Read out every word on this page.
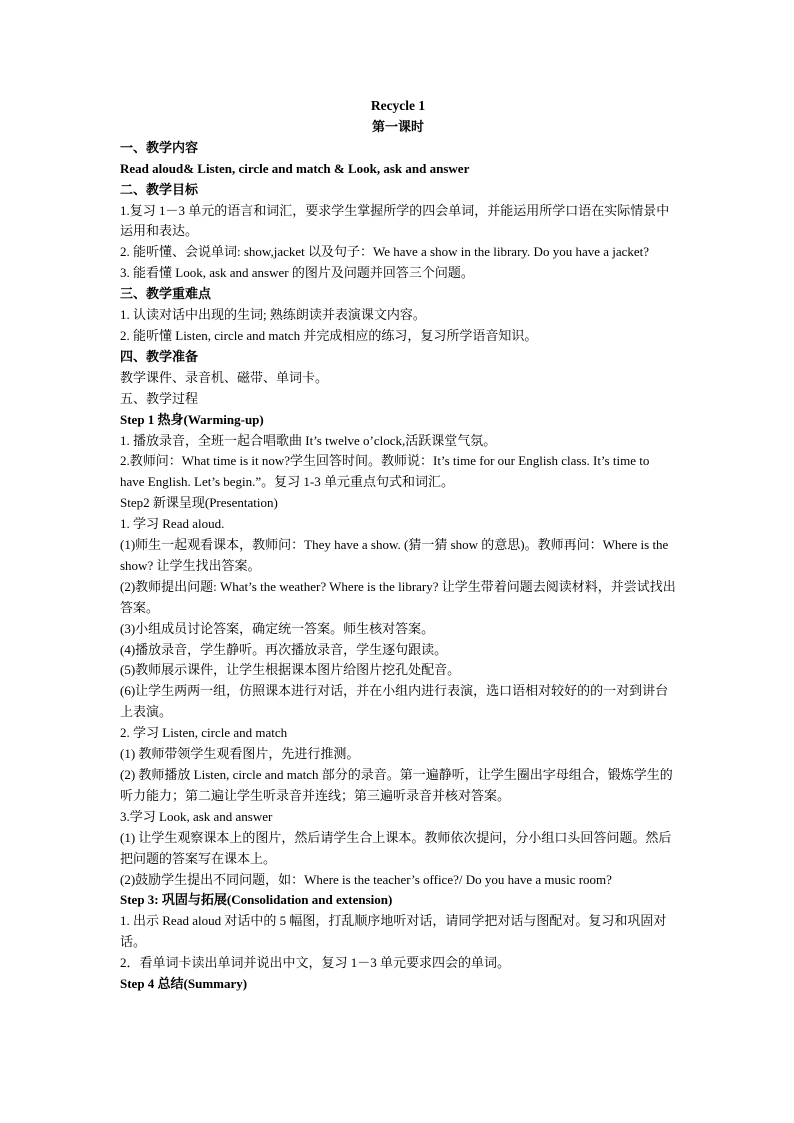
Recycle 1

第一课时

一、教学内容

Read aloud& Listen, circle and match & Look, ask and answer

二、教学目标

1.复习 1－3 单元的语言和词汇，要求学生掌握所学的四会单词，并能运用所学口语在实际情景中运用和表达。

2. 能听懂、会说单词: show,jacket 以及句子：We have a show in the library. Do you have a jacket?

3. 能看懂 Look, ask and answer 的图片及问题并回答三个问题。

三、教学重难点

1. 认读对话中出现的生词; 熟练朗读并表演课文内容。

2. 能听懂 Listen, circle and match 并完成相应的练习，复习所学语音知识。

四、教学准备

教学课件、录音机、磁带、单词卡。

五、教学过程

Step 1 热身(Warming-up)

1. 播放录音，全班一起合唱歌曲 It’s twelve o’clock,活跃课堂气氛。

2.教师问：What time is it now?学生回答时间。教师说：It’s time for our English class. It’s time to have English. Let’s begin.”。复习 1-3 单元重点句式和词汇。

Step2 新课呈现(Presentation)

1. 学习 Read aloud.

(1)师生一起观看课本，教师问：They have a show. (猜一猜 show 的意思)。教师再问：Where is the show? 让学生找出答案。

(2)教师提出问题: What’s the weather? Where is the library? 让学生带着问题去阅读材料，并尝试找出答案。

(3)小组成员讨论答案，确定统一答案。师生核对答案。

(4)播放录音，学生静听。再次播放录音，学生逐句跟读。

(5)教师展示课件，让学生根据课本图片给图片挖孔处配音。

(6)让学生两两一组，仿照课本进行对话，并在小组内进行表演，选口语相对较好的的一对到讲台上表演。

2. 学习 Listen, circle and match

(1) 教师带领学生观看图片，先进行推测。

(2) 教师播放 Listen, circle and match 部分的录音。第一遍静听，让学生圈出字母组合，锻炼学生的听力能力；第二遍让学生听录音并连线；第三遍听录音并核对答案。

3.学习 Look, ask and answer

(1) 让学生观察课本上的图片，然后请学生合上课本。教师依次提问，分小组口头回答问题。然后把问题的答案写在课本上。

(2)鼓励学生提出不同问题，如：Where is the teacher’s office?/ Do you have a music room?

Step 3: 巩固与拓展(Consolidation and extension)

1. 出示 Read aloud 对话中的 5 幅图，打乱顺序地听对话，请同学把对话与图配对。复习和巩固对话。

2．看单词卡读出单词并说出中文，复习 1－3 单元要求四会的单词。

Step 4 总结(Summary)
